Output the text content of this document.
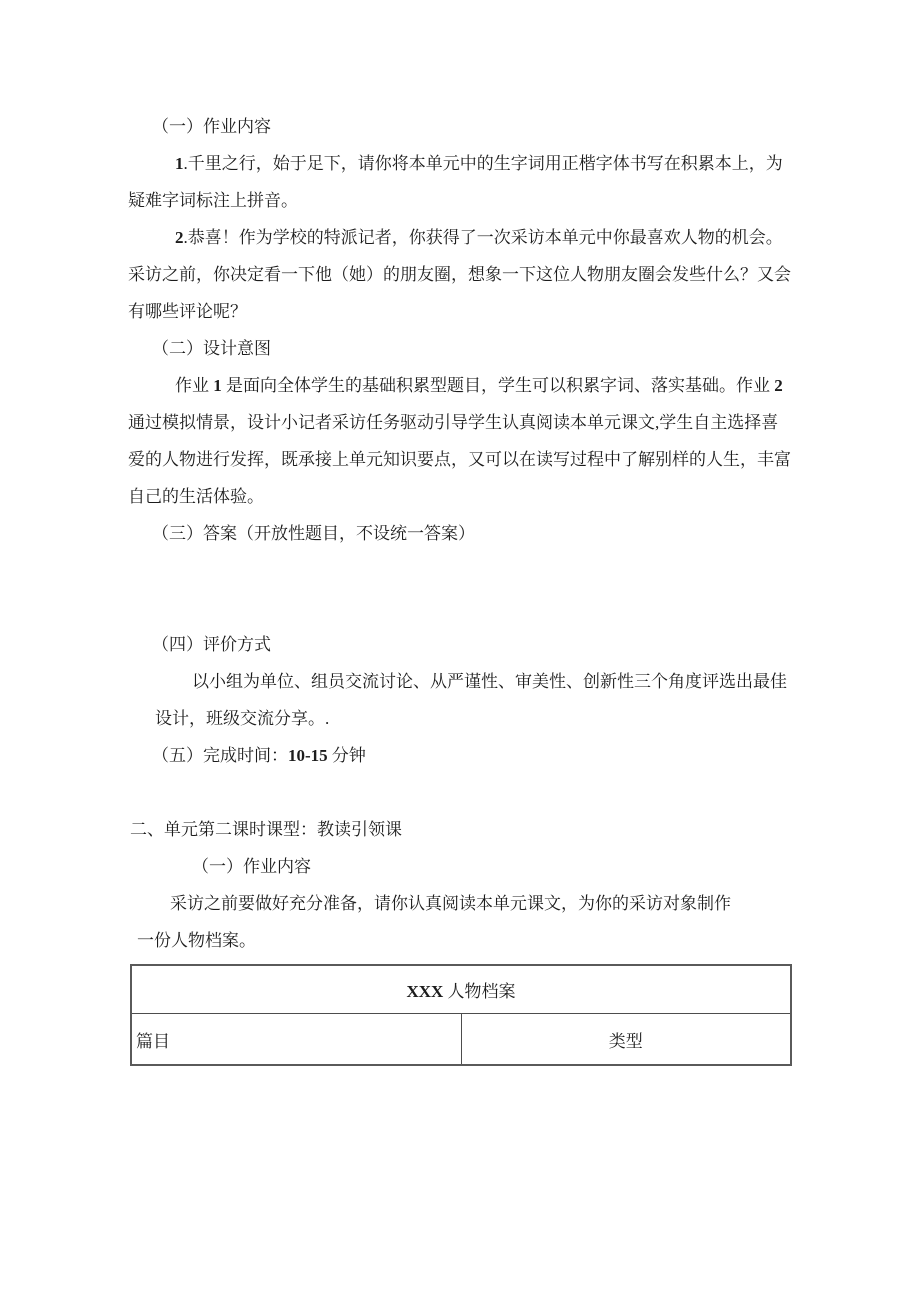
（一）作业内容
1.千里之行，始于足下，请你将本单元中的生字词用正楷字体书写在积累本上，为
疑难字词标注上拼音。
2.恭喜！作为学校的特派记者，你获得了一次采访本单元中你最喜欢人物的机会。
采访之前，你决定看一下他（她）的朋友圈，想象一下这位人物朋友圈会发些什么？又会
有哪些评论呢？
（二）设计意图
作业 1 是面向全体学生的基础积累型题目，学生可以积累字词、落实基础。作业 2
通过模拟情景，设计小记者采访任务驱动引导学生认真阅读本单元课文,学生自主选择喜
爱的人物进行发挥，既承接上单元知识要点，又可以在读写过程中了解别样的人生，丰富
自己的生活体验。
（三）答案（开放性题目，不设统一答案）
（四）评价方式
以小组为单位、组员交流讨论、从严谨性、审美性、创新性三个角度评选出最佳
设计，班级交流分享。.
（五）完成时间：10-15 分钟
二、单元第二课时课型：教读引领课
（一）作业内容
采访之前要做好充分准备，请你认真阅读本单元课文，为你的采访对象制作
一份人物档案。
XXX 人物档案
篇目	类型
